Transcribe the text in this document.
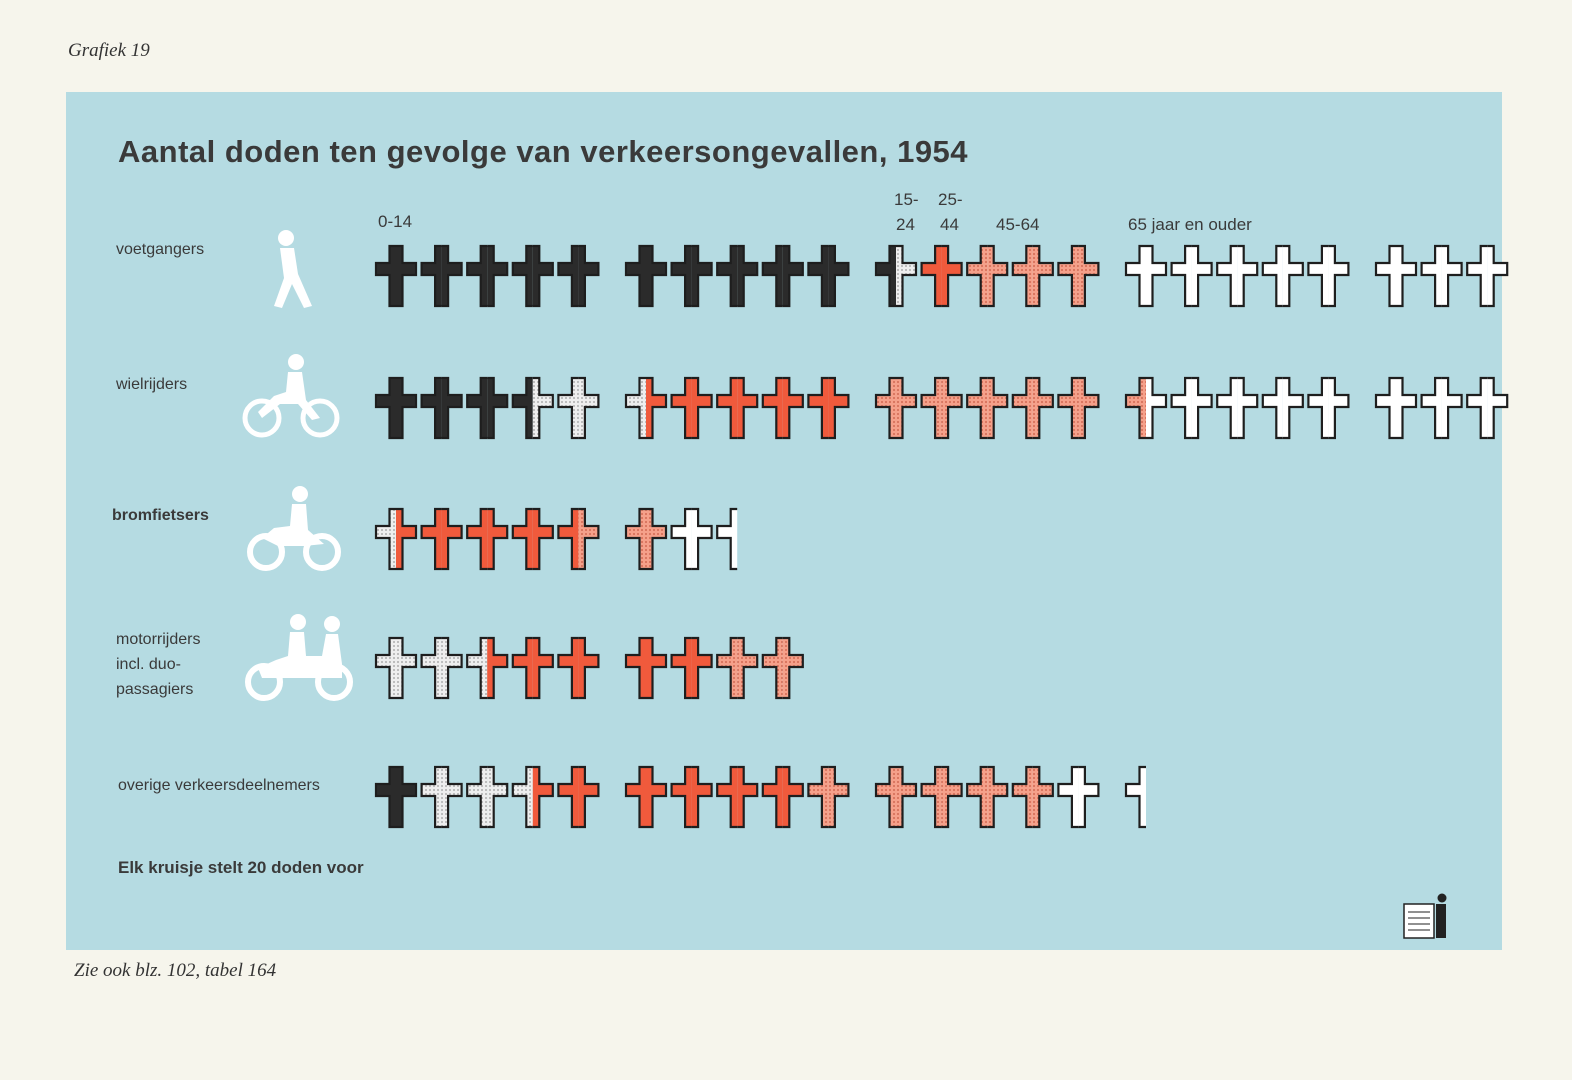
Grafiek 19
Aantal doden ten gevolge van verkeersongevallen, 1954
0-14
15-
24
25-
44 45-64	65 jaar en ouder
voetgangers
wielrijders
bromfietsers
motorrijders
incl. duo-
passagiers
overige verkeersdeelnemers
Elk kruisje stelt 20 doden voor
Zie ook blz. 102, tabel 164
